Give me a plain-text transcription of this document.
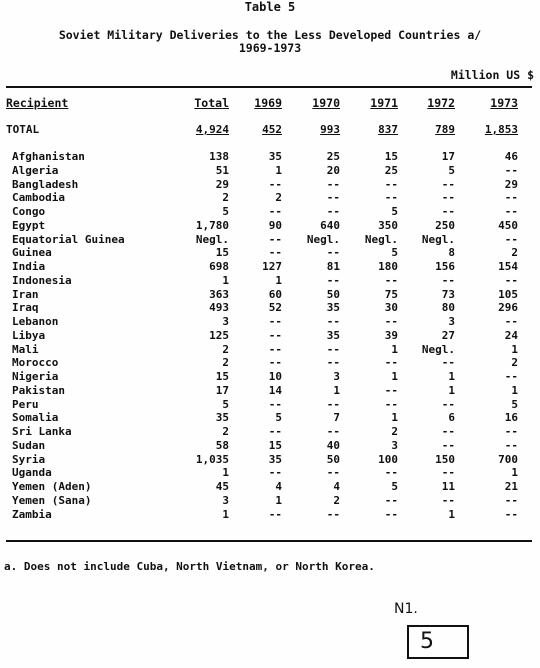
Table 5
Soviet Military Deliveries to the Less Developed Countries a/
1969-1973
Million US $
Recipient	Total	1969	1970	1971	1972	1973
TOTAL	4,924	452	993	837	789	1,853
Afghanistan	138	35	25	15	17	46
Algeria	51	1	20	25	5	--
Bangladesh	29	--	--	--	--	29
Cambodia	2	2	--	--	--	--
Congo	5	--	--	5	--	--
Egypt	1,780	90	640	350	250	450
Equatorial Guinea	Negl.	--	Negl.	Negl.	Negl.	--
Guinea	15	--	--	5	8	2
India	698	127	81	180	156	154
Indonesia	1	1	--	--	--	--
Iran	363	60	50	75	73	105
Iraq	493	52	35	30	80	296
Lebanon	3	--	--	--	3	--
Libya	125	--	35	39	27	24
Mali	2	--	--	1	Negl.	1
Morocco	2	--	--	--	--	2
Nigeria	15	10	3	1	1	--
Pakistan	17	14	1	--	1	1
Peru	5	--	--	--	--	5
Somalia	35	5	7	1	6	16
Sri Lanka	2	--	--	2	--	--
Sudan	58	15	40	3	--	--
Syria	1,035	35	50	100	150	700
Uganda	1	--	--	--	--	1
Yemen (Aden)	45	4	4	5	11	21
Yemen (Sana)	3	1	2	--	--	--
Zambia	1	--	--	--	1	--
a. Does not include Cuba, North Vietnam, or North Korea.
N1.
5
